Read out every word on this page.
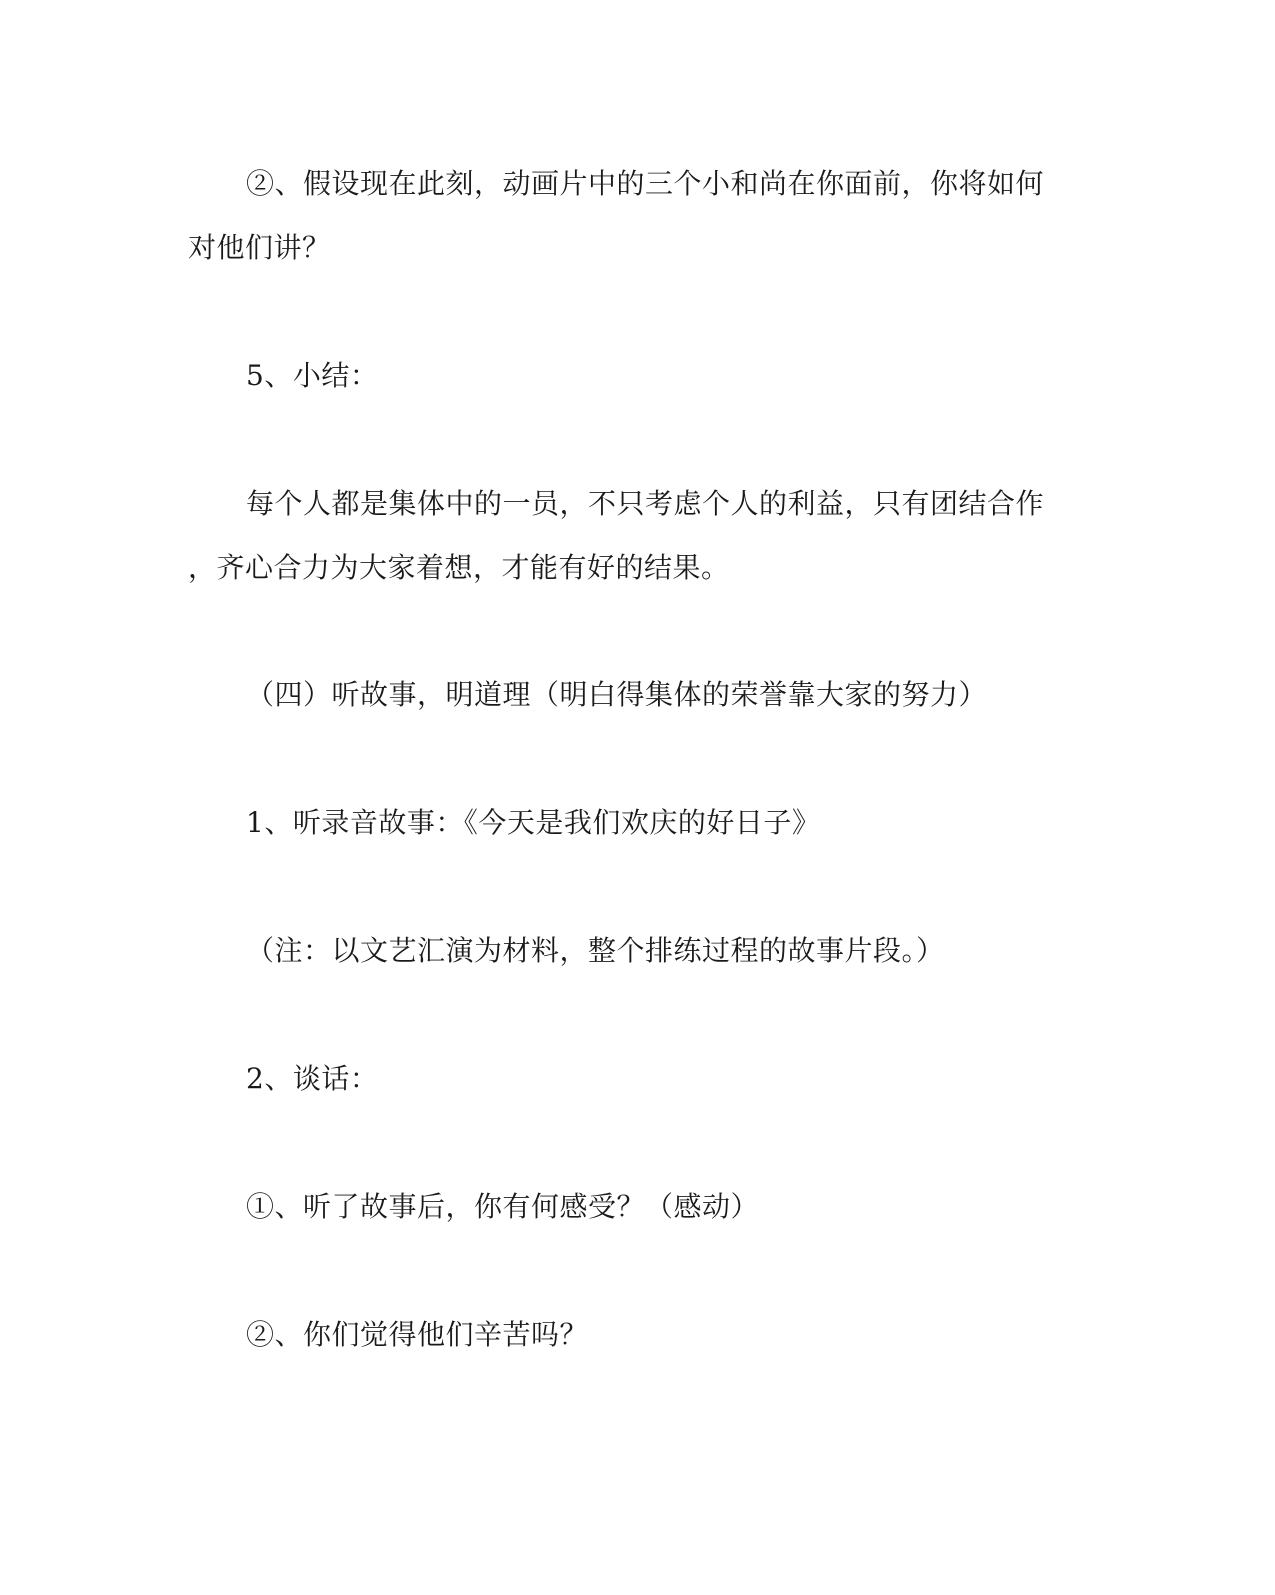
②、假设现在此刻，动画片中的三个小和尚在你面前，你将如何
对他们讲？
5、小结：
每个人都是集体中的一员，不只考虑个人的利益，只有团结合作
，齐心合力为大家着想，才能有好的结果。
（四）听故事，明道理（明白得集体的荣誉靠大家的努力）
1、听录音故事：《今天是我们欢庆的好日子》
（注：以文艺汇演为材料，整个排练过程的故事片段。）
2、谈话：
①、听了故事后，你有何感受？（感动）
②、你们觉得他们辛苦吗？
